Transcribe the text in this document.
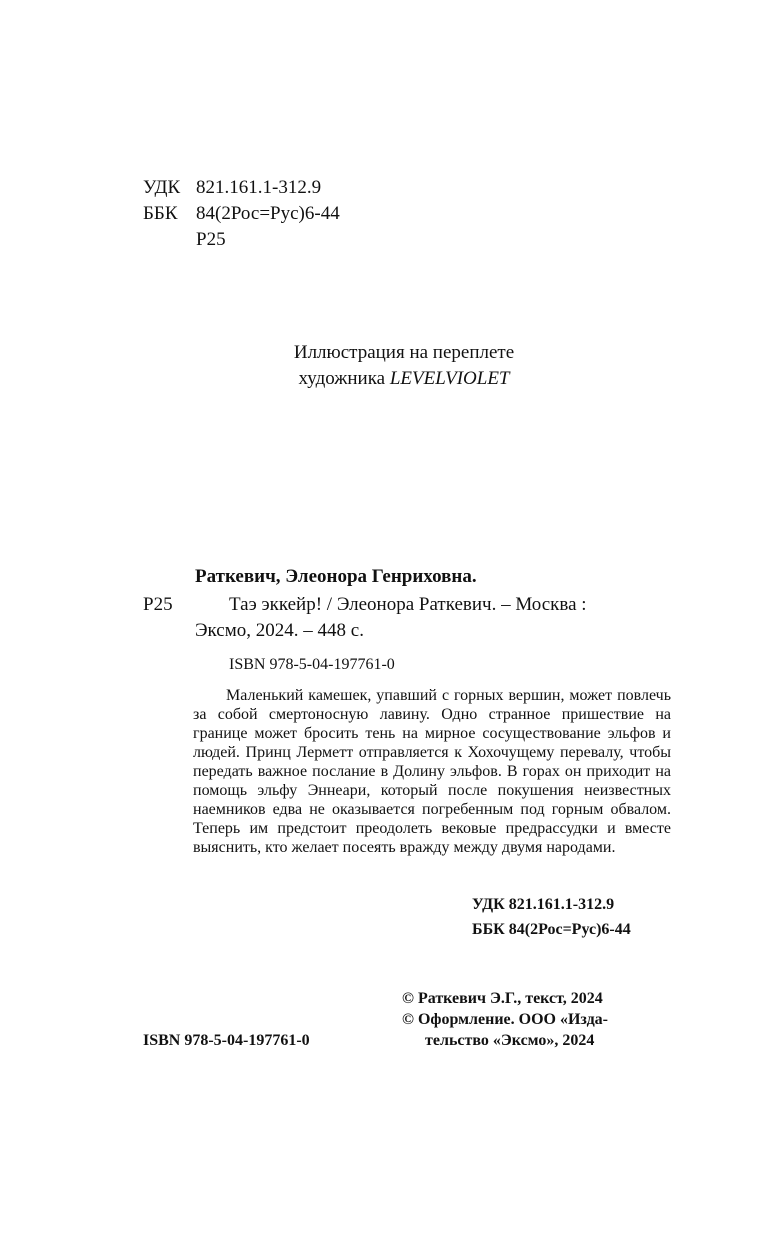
УДК 821.161.1-312.9
ББК 84(2Рос=Рус)6-44
Р25
Иллюстрация на переплете
художника LEVELVIOLET
Раткевич, Элеонора Генриховна.
Р25	Таэ эккейр! / Элеонора Раткевич. – Москва :
Эксмо, 2024. – 448 с.
ISBN 978-5-04-197761-0
Маленький камешек, упавший с горных вершин, может повлечь за собой смертоносную лавину. Одно странное пришествие на границе может бросить тень на мирное сосуществование эльфов и людей. Принц Лерметт отправляется к Хохочущему перевалу, чтобы передать важное послание в Долину эльфов. В горах он приходит на помощь эльфу Эннеари, который после покушения неизвестных наемников едва не оказывается погребенным под горным обвалом. Теперь им предстоит преодолеть вековые предрассудки и вместе выяснить, кто желает посеять вражду между двумя народами.
УДК 821.161.1-312.9
ББК 84(2Рос=Рус)6-44
© Раткевич Э.Г., текст, 2024
© Оформление. ООО «Изда-
тельство «Эксмо», 2024
ISBN 978-5-04-197761-0
